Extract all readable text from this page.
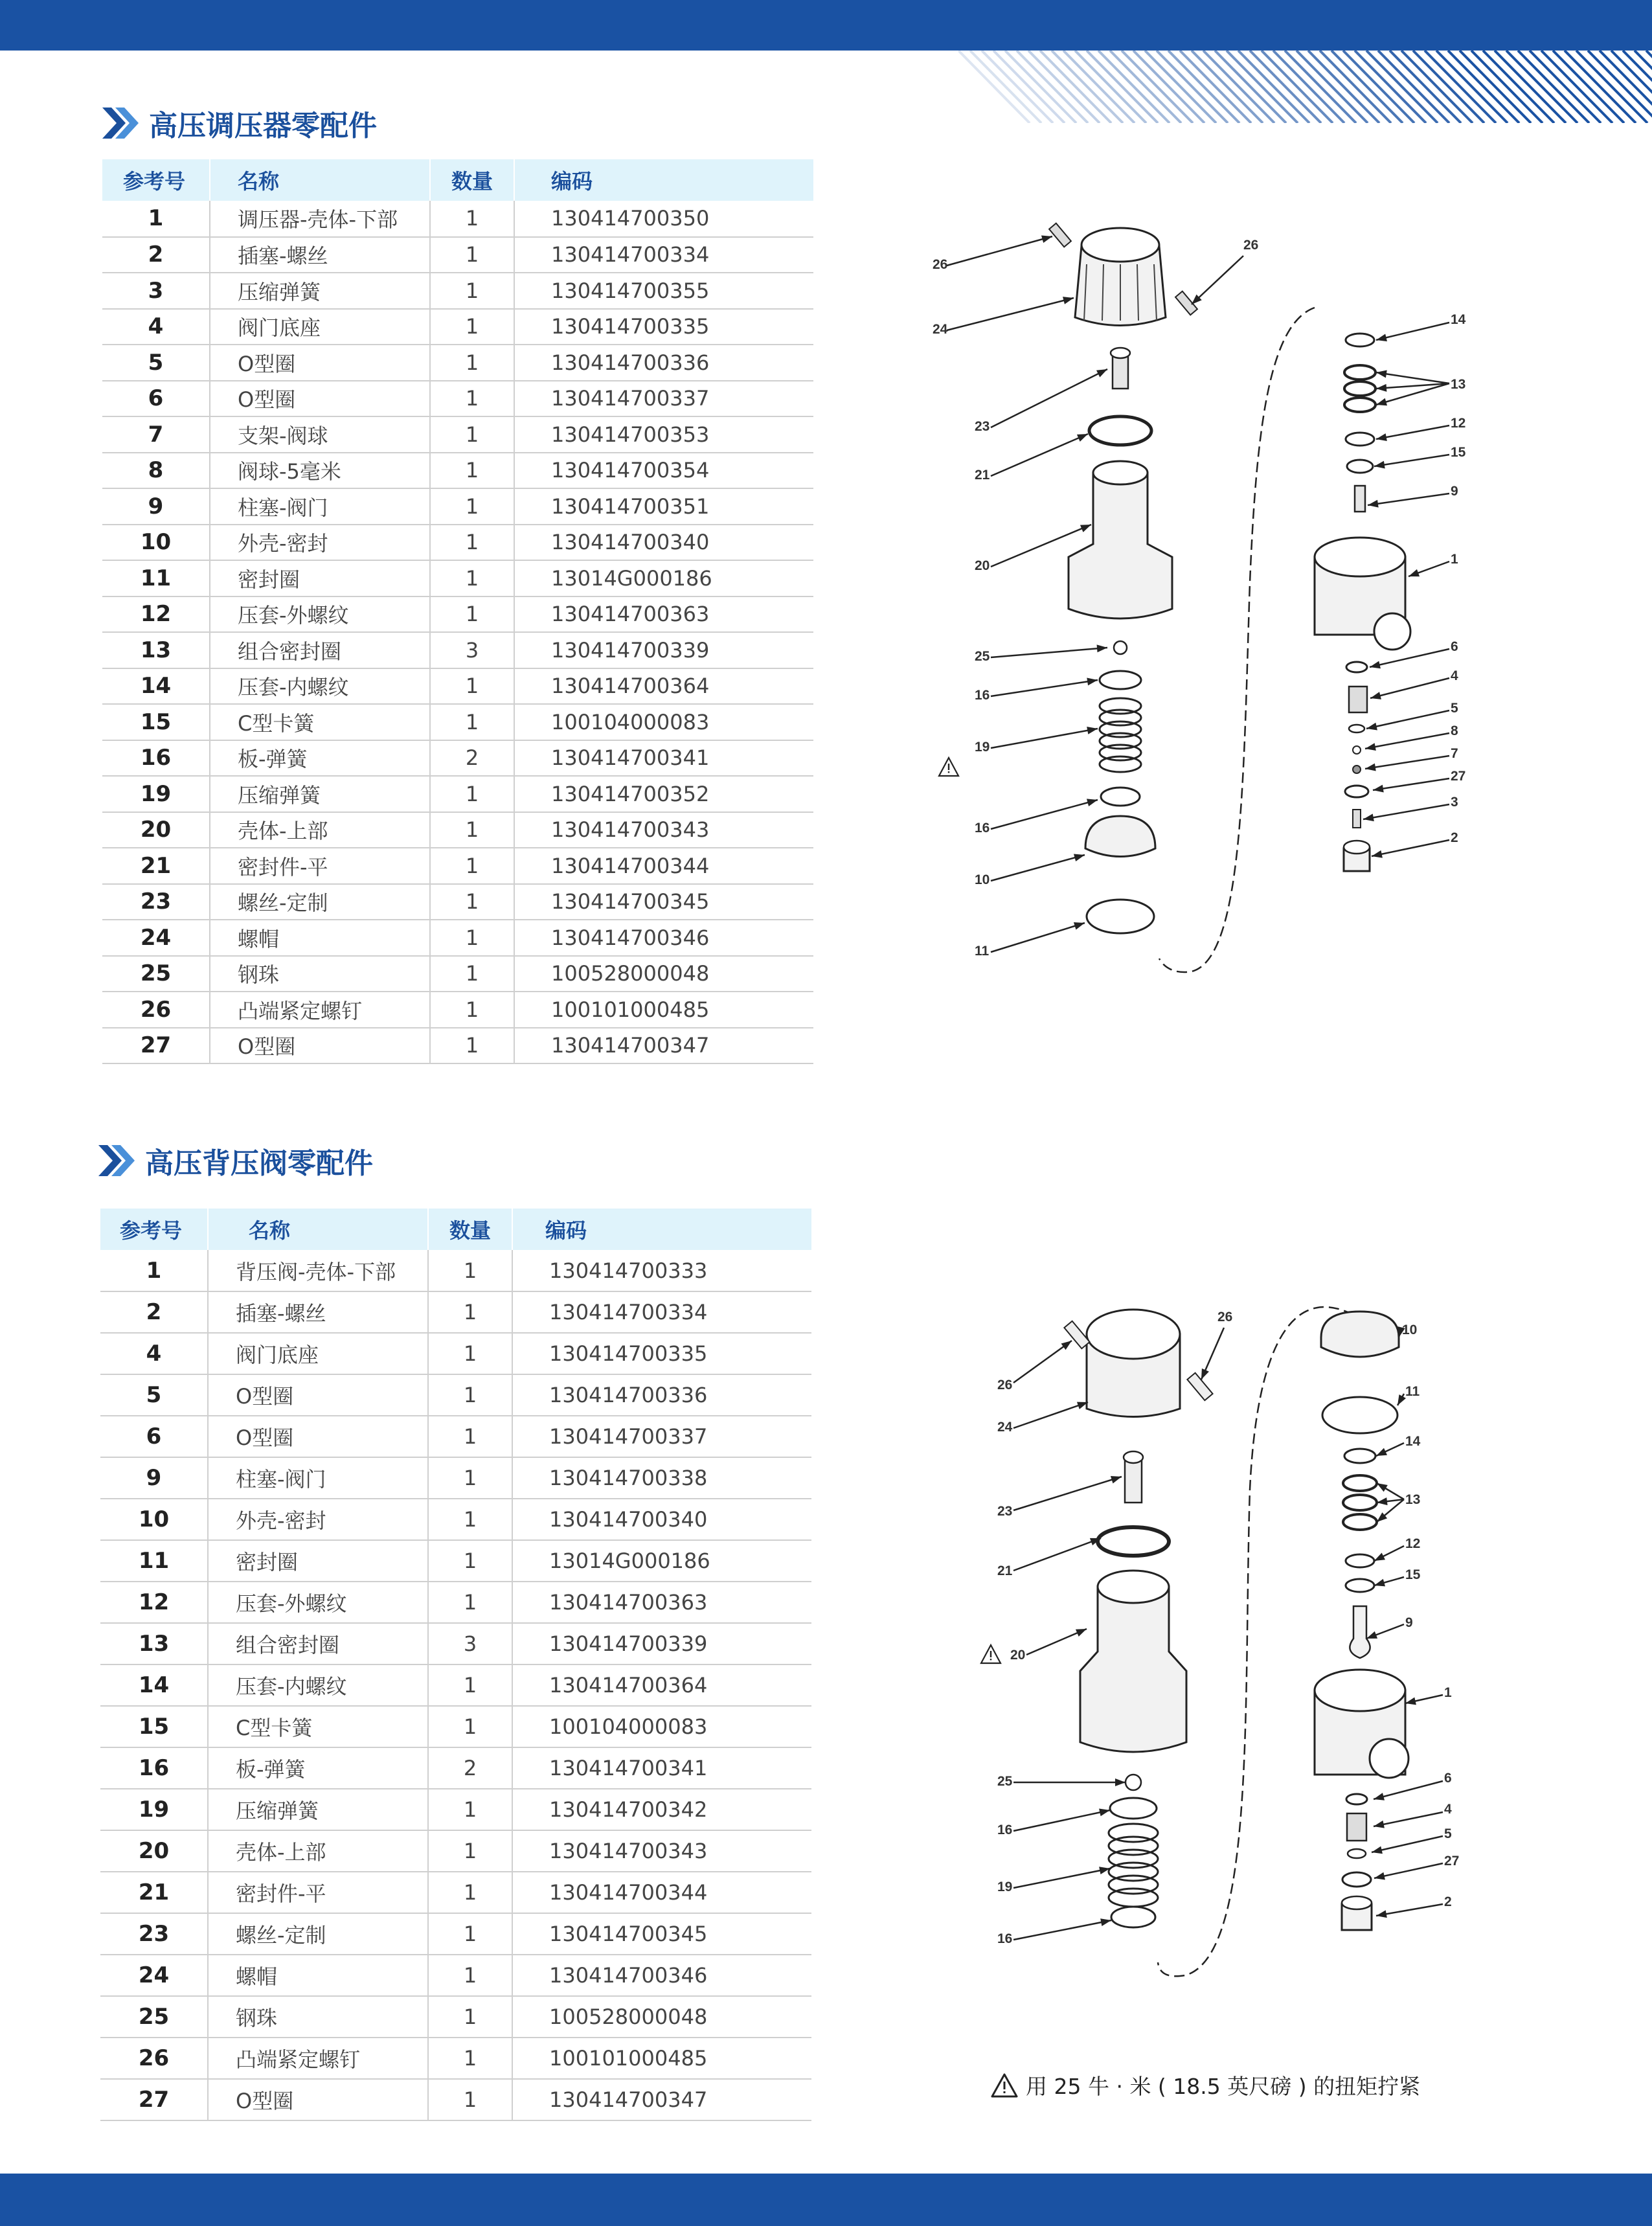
高压调压器零配件
参考号	名称	数量	编码
1	调压器-壳体-下部	1	130414700350
2	插塞-螺丝	1	130414700334
3	压缩弹簧	1	130414700355
4	阀门底座	1	130414700335
5	O型圈	1	130414700336
6	O型圈	1	130414700337
7	支架-阀球	1	130414700353
8	阀球-5毫米	1	130414700354
9	柱塞-阀门	1	130414700351
10	外壳-密封	1	130414700340
11	密封圈	1	13014G000186
12	压套-外螺纹	1	130414700363
13	组合密封圈	3	130414700339
14	压套-内螺纹	1	130414700364
15	C型卡簧	1	100104000083
16	板-弹簧	2	130414700341
19	压缩弹簧	1	130414700352
20	壳体-上部	1	130414700343
21	密封件-平	1	130414700344
23	螺丝-定制	1	130414700345
24	螺帽	1	130414700346
25	钢珠	1	100528000048
26	凸端紧定螺钉	1	100101000485
27	O型圈	1	130414700347
26
26
24
23
21
20
25
16
19
16
10
11
14
13
12
15
9
1
6
4
5
8
7
27
3
2
高压背压阀零配件
参考号	名称	数量	编码
1	背压阀-壳体-下部	1	130414700333
2	插塞-螺丝	1	130414700334
4	阀门底座	1	130414700335
5	O型圈	1	130414700336
6	O型圈	1	130414700337
9	柱塞-阀门	1	130414700338
10	外壳-密封	1	130414700340
11	密封圈	1	13014G000186
12	压套-外螺纹	1	130414700363
13	组合密封圈	3	130414700339
14	压套-内螺纹	1	130414700364
15	C型卡簧	1	100104000083
16	板-弹簧	2	130414700341
19	压缩弹簧	1	130414700342
20	壳体-上部	1	130414700343
21	密封件-平	1	130414700344
23	螺丝-定制	1	130414700345
24	螺帽	1	130414700346
25	钢珠	1	100528000048
26	凸端紧定螺钉	1	100101000485
27	O型圈	1	130414700347
26
26
24
23
21
20
25
16
19
16
10
11
14
13
12
15
9
1
6
4
5
27
2
用 25 牛 · 米 ( 18.5 英尺磅 ) 的扭矩拧紧
